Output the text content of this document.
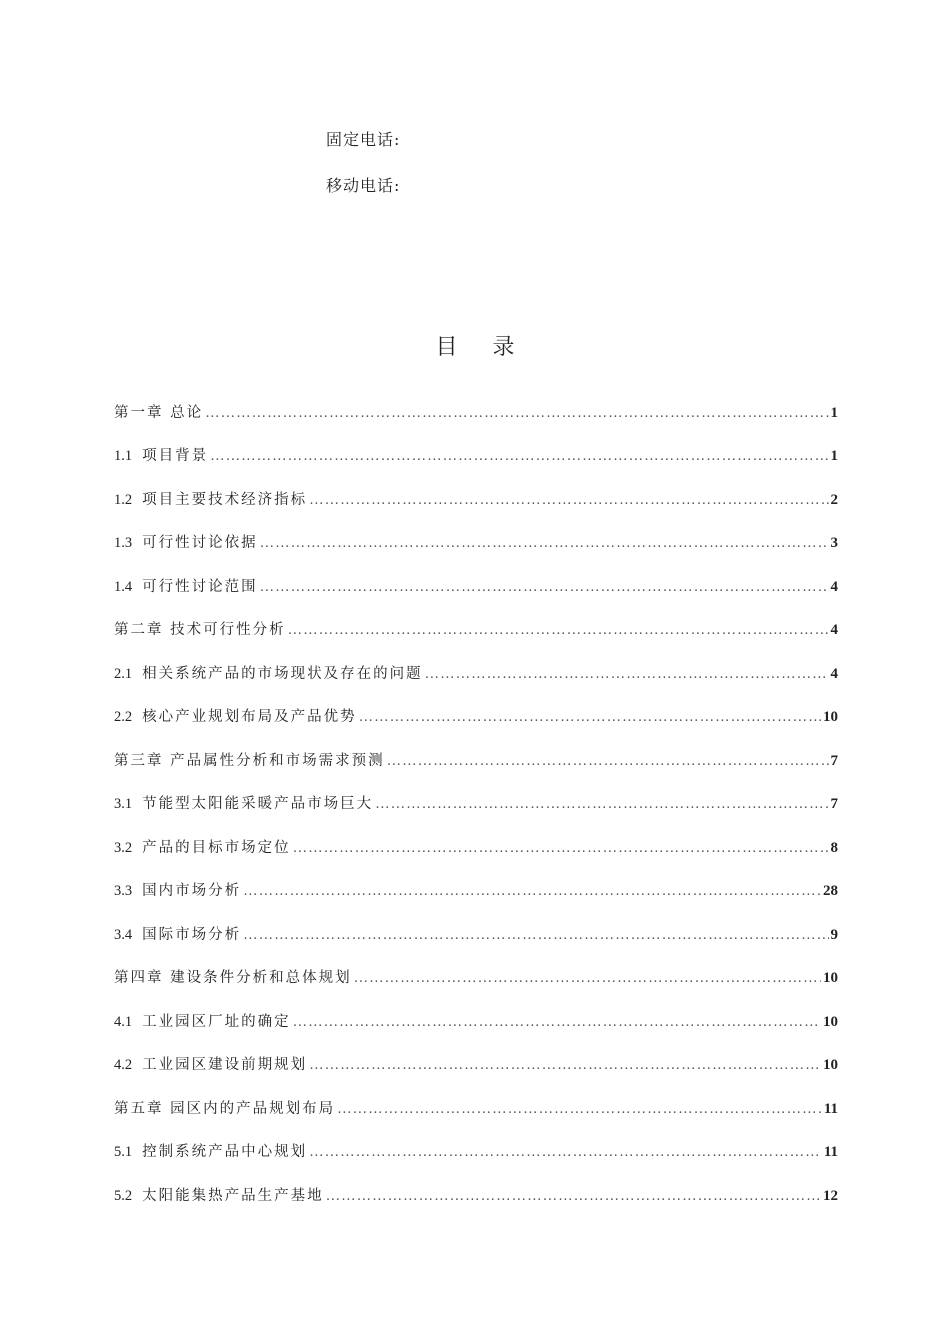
固定电话:
移动电话:
目 录
第一章 总论 ……………………………………………………………………………………………………………………………………………………………………	1
1.1 项目背景 ……………………………………………………………………………………………………………………………………………………………………	1
1.2 项目主要技术经济指标 ……………………………………………………………………………………………………………………………………………………………………	2
1.3 可行性讨论依据 ……………………………………………………………………………………………………………………………………………………………………	3
1.4 可行性讨论范围 ……………………………………………………………………………………………………………………………………………………………………	4
第二章 技术可行性分析 ……………………………………………………………………………………………………………………………………………………………………	4
2.1 相关系统产品的市场现状及存在的问题 ……………………………………………………………………………………………………………………………………………………………………	4
2.2 核心产业规划布局及产品优势 ……………………………………………………………………………………………………………………………………………………………………	10
第三章 产品属性分析和市场需求预测 ……………………………………………………………………………………………………………………………………………………………………	7
3.1 节能型太阳能采暖产品市场巨大 ……………………………………………………………………………………………………………………………………………………………………	7
3.2 产品的目标市场定位 ……………………………………………………………………………………………………………………………………………………………………	8
3.3 国内市场分析 ……………………………………………………………………………………………………………………………………………………………………	28
3.4 国际市场分析 ……………………………………………………………………………………………………………………………………………………………………	9
第四章 建设条件分析和总体规划 ……………………………………………………………………………………………………………………………………………………………………	10
4.1 工业园区厂址的确定 ……………………………………………………………………………………………………………………………………………………………………	10
4.2 工业园区建设前期规划 ……………………………………………………………………………………………………………………………………………………………………	10
第五章 园区内的产品规划布局 ……………………………………………………………………………………………………………………………………………………………………	11
5.1 控制系统产品中心规划 ……………………………………………………………………………………………………………………………………………………………………	11
5.2 太阳能集热产品生产基地 ……………………………………………………………………………………………………………………………………………………………………	12
